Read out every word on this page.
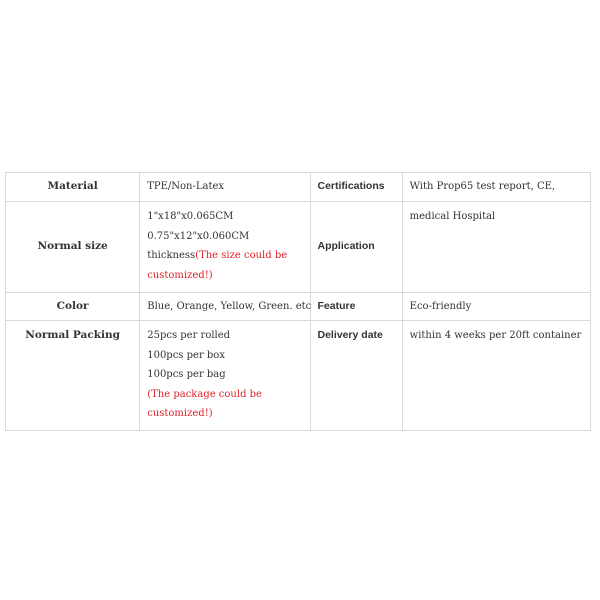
Material	TPE/Non-Latex	Certifications	With Prop65 test report, CE,

Normal size	1"x18"x0.065CM
0.75"x12"x0.060CM
thickness(The size could be
customized!)	Application	medical Hospital

Color	Blue, Orange, Yellow, Green. etc	Feature	Eco-friendly

Normal Packing	25pcs per rolled
100pcs per box
100pcs per bag
(The package could be
customized!)	Delivery date	within 4 weeks per 20ft container
